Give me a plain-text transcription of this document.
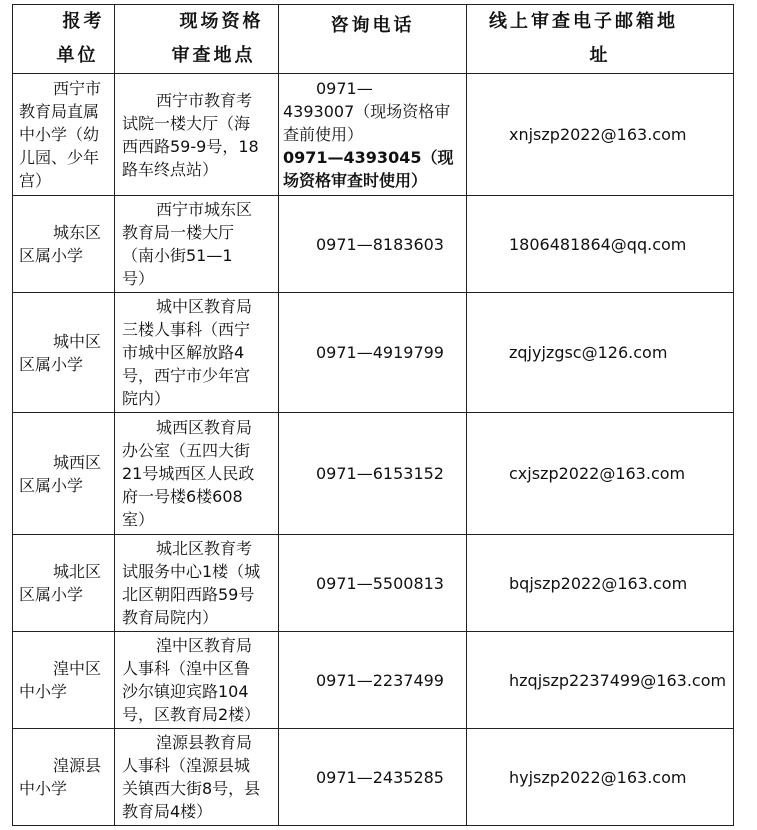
报考
单位	现场资格
审查地点	咨询电话	线上审查电子邮箱地
址

西宁市
教育局直属
中小学（幼
儿园、少年
宫）	西宁市教育考
试院一楼大厅（海
西西路59-9号，18
路车终点站）	0971—
4393007（现场资格审
查前使用）
0971—4393045（现
场资格审查时使用）	xnjszp2022@163.com

城东区
区属小学	西宁市城东区
教育局一楼大厅
（南小街51—1
号）	0971—8183603	1806481864@qq.com

城中区
区属小学	城中区教育局
三楼人事科（西宁
市城中区解放路4
号，西宁市少年宫
院内）	0971—4919799	zqjyjzgsc@126.com

城西区
区属小学	城西区教育局
办公室（五四大街
21号城西区人民政
府一号楼6楼608
室）	0971—6153152	cxjszp2022@163.com

城北区
区属小学	城北区教育考
试服务中心1楼（城
北区朝阳西路59号
教育局院内）	0971—5500813	bqjszp2022@163.com

湟中区
中小学	湟中区教育局
人事科（湟中区鲁
沙尔镇迎宾路104
号，区教育局2楼）	0971—2237499	hzqjszp2237499@163.com

湟源县
中小学	湟源县教育局
人事科（湟源县城
关镇西大街8号，县
教育局4楼）	0971—2435285	hyjszp2022@163.com
